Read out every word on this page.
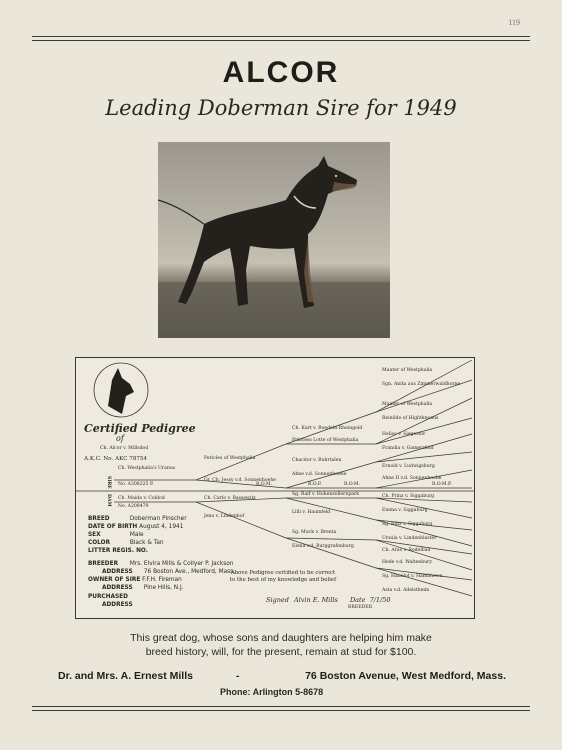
119
ALCOR
Leading Doberman Sire for 1949
Certified Pedigree
of
Ch. Alcor v. Millsdod
A.K.C. No. AKC 78754
SIRE
DAM
Ch. Westphalia's Uranus
No. A308225 P.
Ch. Maida v. Coldod
No. A208479
Pericles of Westphalia
Gr. Ch. Jessy v.d. Sonnenhoehe
Ch. Carlo v. Bassewitz
Jena v. Lindenhof
Ch. Kurt v. Roedeln Rheingold
Princess Lotte of Westphalia
Chacdor v. Ruhrtalen
Ahne v.d. Sonnenhoehe
Sg. Ralf v. Hohenzollernpark
Lilli v. Haumfeld
Sg. Muck v. Brenta
Elena v.d. Burggrafenburg
Mauter of Westphalia
Sgn. Anita aus Zimmerwaldhorne
Mauter of Westphalia
Reinilde of Hightknoaus
Helios v. Siegestor
Frandia v. Gamersfeld
Ernold v. Ludwigsburg
Ahne II v.d. Sonnenhoehe
Ch. Prinz v. Siggaburg
Emma v. Siggaburg
Sg. Blitz v. Siggaburg
Ursula v. Lindenhlaster
Ch. Aras v. Rodelbad
Hede v.d. Waltenbury
Sg. Hamilot v. Hambhewe
Asta v.d. Adelstheim
R.O.M.	R.O.P.	R.O.M.	R.O.M.P.
BREED	Doberman Pinscher
DATE OF BIRTH August 4, 1941
SEX	Male
COLOR	Black & Tan
LITTER REGIS. NO.
BREEDER Mrs. Elvira Mills & Collyer P. Jackson
ADDRESS 76 Boston Ave., Medford, Mass.
OWNER OF SIRE F.F.H. Fireman
ADDRESS Pine Hills, N.J.
PURCHASED
ADDRESS
Above Pedigree certified to be correct to the best of my knowledge and belief
Signed Alvin E. Mills Date 7/1/50
BREEDER
This great dog, whose sons and daughters are helping him make
breed history, will, for the present, remain at stud for $100.
Dr. and Mrs. A. Ernest Mills	-	76 Boston Avenue, West Medford, Mass.
Phone: Arlington 5-8678
